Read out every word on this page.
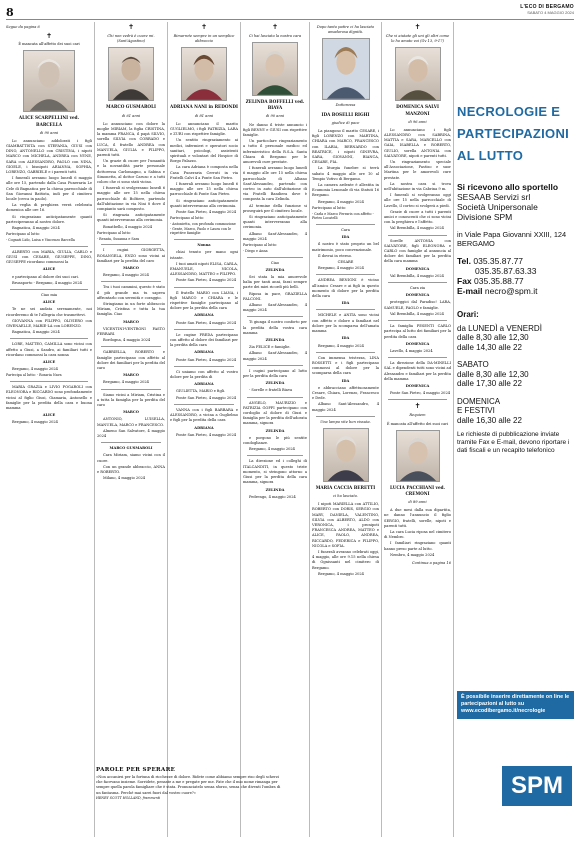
8	L'ECO DI BERGAMO
SABATO 4 MAGGIO 2024
Segue da pagina 6
✝
È mancata all'affetto dei suoi cari
ALICE SCARPELLINI ved. BARCELLA
di 90 anni
Lo annunciano addolorati i figli GIAMBATTISTA con STEFANIA, GIUSI con DINO, ANTONELLO con CRISTINA, i nipoti MARCO con MICHELA, ANDREA con NYNE, SARA con ALESSANDRO, PAOLO con NINA, GIOELE, i bisnipoti ARIANNA, SOPHIA, LORENZO, GABRIELE e i parenti tutti.
I funerali avranno luogo lunedì 6 maggio alle ore 15, partendo dalla Casa Funeraria Le Cele di Bagnatica per la chiesa parrocchiale di San Giovanni Battista, indi per il cimitero locale (cerca in paolo).
La veglia di preghiera verrà celebrata domenica alle ore 16.
Si ringraziano anticipatamente quanti parteciperanno al nostro dolore.
Bagnatica, 4 maggio 2024
Partecipano al lutto:
- Cognati Lido, Luisa e Vincenzo Barcella
ALBERTO con MARIA, GIULIA, CARLO e GIUSI con CESARE, GIUSEPPE, DINO, GIUSEPPE ricordano commossi la
ALICE
e partecipano al dolore dei suoi cari.
Brusaporto - Bergamo, 4 maggio 2024
Ciao mia
ALICE
Te ne sei andata serenamente, noi ricorderemo di te l'allegria che trasmettevi.
GIOVANNA con FILIPPO, OLIVIERO con GWENAELLE, MARIE-LA con LORENZO.
Bagnatica, 4 maggio 2024
LORE, MATTEO, CAMILLA sono vicini con affetto a Giusi, a Sandro, ai familiari tutti e ricordano commossi la cara nonna
ALICE
Bergamo, 4 maggio 2024
Partecipa al lutto: - Rosaria Nava
MARIA GRAZIA e LIVIO POGAROLI con ELEONORA e RICCARDO sono profondamente vicini al figlio Giusi, Giamaria, Antonello e famiglie per la perdita della cara e buona mamma
ALICE
Bergamo, 4 maggio 2024
✝
Chi non vedrà è cuore mi. (Sant'Agostino)
MARCO GUSMAROLI
di 61 anni
Lo annunciano con dolore la moglie MIRIAM, la figlia CRISTINA, la mamma FRANCA, il papà SILVIO, sorella SILVIA con CORRADO e LUCA, il fratello ANDREA con MANUELA, GIULIA e FILIPPO, parenti tutti.
Un grazie di cuore per l'umanità e la novantilità parte personale dottoressa Carlomagno, a Sabina e Simonetta, al dottor Caruso e a tutti coloro che ci sono stati vicino.
I funerali si svolgeranno lunedì 6 maggio alle ore 15 nella chiesa parrocchiale di Boltiere, partendo dall'abitazione in via Nini 8 dove il compianto sarà composto.
Si ringrazia anticipatamente quanti interverranno alla cerimonia.
Bonatbello, 4 maggio 2024
Partecipano al lutto:
- Renata, Susanna e Sara
I cugini GIORGETTA, ROSANGELA, ENZO sono vicini ai familiari per la perdita del caro
MARCO
Bergamo, 4 maggio 2024
Tra i tuoi cammini, questo è stato il più grande ma tu sapeva affrontarlo con serenità e coraggio.
Stringiamo in un forte abbraccio Miriam, Cristina e tutta la tua famiglia. Ciao
MARCO
VICENTINI-VENTRONI PASTO FERRARI.
Bordogna, 4 maggio 2024
GABRIELLA, ROBERTO e famiglie partecipano con affetto al dolore dei familiari per la perdita del caro
MARCO
Bergamo, 4 maggio 2024
Siamo vicini a Miriam, Cristina e a tutta la famiglia per la perdita del caro
MARCO
ANTONIO, LUISELLA, MANUELA, MARCO e FRANCESCO.
Almeno San Salvatore, 4 maggio 2024
MARCO GUSMAROLI
Cara Miriam, siamo vicini con il cuore.
Con un grande abbraccio, ANNA e ROBERTO.
Milano, 4 maggio 2024
✝
Rimarrete sempre in un semplice abbraccio
ADRIANA NANI in REDONDI
di 81 anni
Lo annunciano il marito GUGLIELMO, i figli PATRIZIA, LARA e ZURI con rispettive famiglie.
Un sentito ringraziamento ai medici, infermieri e operatori socio sanitari, psicologi, assistenti spirituali e volontari del Hospice di Borgo Palazzo.
La cara Adriana è composta nella Casa Funeraria Cerruti in via Fratelli Calvi 4 a Ponte San Pietro.
I funerali avranno luogo lunedì 6 maggio alle ore 15 nella chiesa parrocchiale di Ponte San Pietro.
Si ringraziano anticipatamente quanti interverranno alla cerimonia.
Ponte San Pietro, 4 maggio 2024
Partecipano al lutto:
- Antonietta, con profonda commozione - Gente, Marco, Paolo e Laura con le rispettive famiglie
Nonna
chiai tenuto per mano ogni istante.
I tuoi amati nipoti ELISA, CARLA, EMANUELE, NICOLA, ALESSANDRO, MATTEO e FILIPPO.
Ponte San Pietro, 4 maggio 2024
Il fratello MARIO con LIANA, i figli MARCO e CHIARA e le rispettive famiglie partecipano al dolore per la perdita della cara
ADRIANA
Ponte San Pietro, 4 maggio 2024
Le cugine FREDA partecipano con affetto al dolore dei familiari per la perdita della cara
ADRIANA
Ponte San Pietro, 4 maggio 2024
Ci uniamo con affetto al vostro dolore per la perdita di
ADRIANA
GIULIETTA, MARIO e figli.
Ponte San Pietro, 4 maggio 2024
VANNA con i figli BARBARA e ALESSANDRO, a vicina a Guglielmo e figli per la perdita della cara
ADRIANA
Ponte San Pietro, 4 maggio 2024
✝
Ci hai lasciato la nostra cara
ZELINDA BOFFELLI ved. BIAVA
di 90 anni
Ne danno il triste annuncio i figli BENNY e GIUSI con rispettive famiglie.
Un particolare ringraziamento a tutto il personale medico ed infermieristico della R.S.A. Santa Chiara di Bergamo per le amorevoli cure prestate.
I funerali avranno luogo lunedì 6 maggio alle ore 15 nella chiesa parrocchiale di Albano Sant'Alessandro, partendo con corteo in auto dall'abitazione di via Fratelli Bandiera dove è composta la cara Zelinda.
Al termine della funzione si proseguirà per il cimitero locale.
Si ringraziano anticipatamente quanti interverranno alla cerimonia.
Albano Sant'Alessandro, 4 maggio 2024
Partecipano al lutto:
- Diego e Anna
Ciao
ZELINDA
Sei stata la mia amorevole balia per tanti anni, farai sempre parte dei miei ricordi più belli.
Riposa in pace, GRAZIELLA FALCONI.
Albano Sant'Alessandro, 4 maggio 2024
Ti giunga il nostro conforto per la perdita della vostra cara mamma
ZELINDA
Zia FELICE e famiglie.
Albano Sant'Alessandro, 4 maggio 2024
I cugini partecipano al lutto per la perdita della cara
ZELINDA
- Sorelle e fratelli Biava
ANGELO, MAURIZIO e PATRIZIA GOFFI partecipano con cordoglio al dolore di Giusi e famiglia per la perdita dell'adorata mamma, signora
ZELINDA
e porgono le più sentite condoglianze.
Bergamo, 4 maggio 2024
La direzione ed i colleghi di ITALCANDITI, in questo triste momento, si stringono attorno a Giusi per la perdita della cara mamma, signora
ZELINDA
Pedrengo, 4 maggio 2024
Dopo tanto patire ci ha lasciato amadorosa dignità.
Dottoressa
IDA BOSELLI RIGHI
giudice di pace
La piangono il marito CESARE, i figli LORENZO con MARTINA, CHIARA con MARCO, FRANCESCO con ILARIA, BERNARDO con BEATRICE, i nipoti GINEVRA, SARA, GIOVANNI, BIANCA, CESARE, PIA.
La liturgia funebre si terrà sabato 4 maggio alle ore 10 al Tempio Votivo di Bergamo.
La camera ardente è allestita in Ecumonia Lenonale di via Statuti 16 Bergamo.
Bergamo, 4 maggio 2024
Partecipano al lutto:
- Carla e Marco Ferraris con affetto - Pietro Locatelli
Cara
IDA
il nostro è stato proprio un bel matrimonio, poco convenzionale.
Il dovrai in eterno.
CESARE
Bergamo, 4 maggio 2024
ANDREA BENIGNI è vicino all'amico Cesare e ai figli in questo momento di dolore per la perdita della cara
IDA
MICHELE e ANITA sono vicini con affetto e dolore a familiari nel dolore per la scomparsa dell'amata mamma
IDA
Bergamo, 4 maggio 2024
Con immensa tristezza, LINA BOSSETTI e i figli partecipano commossi al dolore per la scomparsa della cara
IDA
e abbracciano affettuosamente Cesare, Chiara, Lorenzo, Francesco e Dede.
Albano Sant'Alessandro, 4 maggio 2024
Una lampo vite ben vissuta.
MARIA CACCIA BERETTI
ci ha lasciato.
I nipoti MARIELLA con ATTILIO, ROBERTO con DORIS, SERGIO con MARY, DANIELA, VALENTINO, SILVIA con ALBERTO, ALDO con VERONICA, i pronipoti FRANCESCA ANDREA, MATTEO e ALICE, PAOLO, ANDREA, RICCARDO, FEDERICA e FILIPPO, NICOLA e SOFIA.
I funerali avranno celebrati oggi, 4 maggio, alle ore 9.15 nella chiesa di Ognissanti nel cimitero di Bergamo.
Bergamo, 4 maggio 2024
✝
Che vi aiutate gli uni gli altri come lo ho amato voi (Gv 13, 9-17)
DOMENICA SALVI MANZONI
di 96 anni
Lo annunciano i figli ALESSANDRO con SABRINA, MATTIA e SARA, MARCELLO con GAIA, ISABELLA e ROBERTO, GIULIO, sorella ANTONIA con SALVATORE, nipoti e parenti tutti.
Un ringraziamento speciale all'Associazione, Fastiso e suor Martina per le amorevoli cure prestate.
La nostra cara si trova nell'abitazione in via Cabrina 9 m.
I funerali si svolgeranno oggi alle ore 15 nella parrocchiale di Lavello, il corteo si svolgerà a piedi.
Grazie di cuore a tutti i parenti amici e conoscenti che ci sono vicini con la preghiera e l'affetto.
Val Brembilla, 4 maggio 2024
Sorelle ANTONIA con SALVATORE, figli ELEONORA e CARLO con famiglie al annuncia al dolore dei familiari per la perdita della cara mamma
DOMENICA
Val Brembilla, 4 maggio 2024
Cara zia
DOMENICA
proteggici dal Paradiso! LARA, SAMUELE, PAOLO e famiglie.
Val Brembilla, 4 maggio 2024
La famiglia PESENTI CARLO partecipa al lutto dei familiari per la perdita della cara
DOMENICA
Lavello, 4 maggio 2024
La direzione della DA-MINELLI SAL e dipendenti tutti sono vicini ad Alessandro e familiari per la perdita della mamma
DOMENICA
Ponte San Pietro, 4 maggio 2024
✝
Requiem
È mancata all'affetto dei suoi cari
LUCIA PACCHIANI ved. CREMONI
di 89 anni
A due mesi dalla sua dipartita, ne danno l'annuncio il figlio SERGIO, fratelli, sorelle, nipoti e parenti tutti.
La cara Lucia riposa nel cimitero di Nembro.
I familiari ringraziano quanti hanno preso parte al lutto.
Nembro, 4 maggio 2024
Continua a pagina 16
NECROLOGIE E PARTECIPAZIONI AL LUTTO
Si ricevono allo sportello
SESAAB Servizi srl
Società Unipersonale
Divisione SPM
in Viale Papa Giovanni XXIII, 124 BERGAMO
Tel. 035.35.87.77
035.35.87.63.33
Fax 035.35.88.77
E-mail necro@spm.it
Orari:
da LUNEDÌ a VENERDÌ
dalle 8,30 alle 12,30
dalle 14,30 alle 22
SABATO
dalle 8,30 alle 12,30
dalle 17,30 alle 22
DOMENICA
E FESTIVI
dalle 16,30 alle 22
Le richieste di pubblicazione inviate tramite Fax e E-mail, devono riportare i dati fiscali e un recapito telefonico
È possibile inserire direttamente on line le partecipazioni al lutto su www.ecodibergamo.it/necrologie
SPM
PAROLE PER SPERARE
«Non accanirsi per la fortuna di ricchezze di dolore. Ridete come abbiamo sempre riso degli scherzi che facevano insieme. Sorridete, pensate a me e pregate per me. Fate che il mio nome rimanga per sempre quella parola famigliare che è stata. Pronunciatelo senza sforzo, senza che diventi l'ombra di un fantasma. Perché mai sarei fuori dal vostro cuore?»
HENRY SCOTT HOLLAND, frammenti
